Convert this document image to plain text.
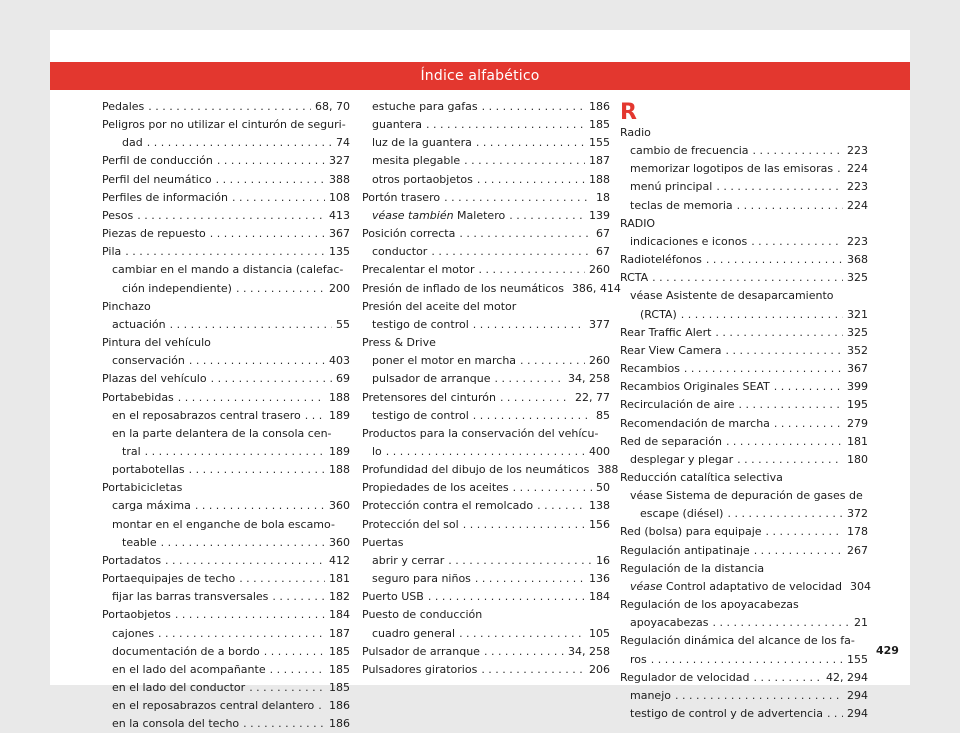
Índice alfabético
Pedales . . .	68, 70
Peligros por no utilizar el cinturón de seguri-
dad . . .	74
Perfil de conducción . . .	327
Perfil del neumático . . .	388
Perfiles de información . . .	108
Pesos . . .	413
Piezas de repuesto . . .	367
Pila . . .	135
cambiar en el mando a distancia (calefac-
ción independiente) . . .	200
Pinchazo
actuación . . .	55
Pintura del vehículo
conservación . . .	403
Plazas del vehículo . . .	69
Portabebidas . . .	188
en el reposabrazos central trasero . . .	189
en la parte delantera de la consola cen-
tral . . .	189
portabotellas . . .	188
Portabicicletas
carga máxima . . .	360
montar en el enganche de bola escamo-
teable . . .	360
Portadatos . . .	412
Portaequipajes de techo . . .	181
fijar las barras transversales . . .	182
Portaobjetos . . .	184
cajones . . .	187
documentación de a bordo . . .	185
en el lado del acompañante . . .	185
en el lado del conductor . . .	185
en el reposabrazos central delantero . . . 186
en la consola del techo . . .	186
estuche para gafas . . .	186
guantera . . .	185
luz de la guantera . . .	155
mesita plegable . . .	187
otros portaobjetos . . .	188
Portón trasero . . .	18
véase también Maletero . . .	139
Posición correcta . . .	67
conductor . . .	67
Precalentar el motor . . .	260
Presión de inflado de los neumáticos 386, 414
Presión del aceite del motor
testigo de control . . .	377
Press & Drive
poner el motor en marcha . . .	260
pulsador de arranque . . .	34, 258
Pretensores del cinturón . . .	22, 77
testigo de control . . .	85
Productos para la conservación del vehícu-
lo . . .	400
Profundidad del dibujo de los neumáticos 388
Propiedades de los aceites . . .	50
Protección contra el remolcado . . .	138
Protección del sol . . .	156
Puertas
abrir y cerrar . . .	16
seguro para niños . . .	136
Puerto USB . . .	184
Puesto de conducción
cuadro general . . .	105
Pulsador de arranque . . .	34, 258
Pulsadores giratorios . . .	206
R
Radio
cambio de frecuencia . . .	223
memorizar logotipos de las emisoras . . . 224
menú principal . . .	223
teclas de memoria . . .	224
RADIO
indicaciones e iconos . . .	223
Radioteléfonos . . .	368
RCTA . . .	325
véase Asistente de desaparcamiento
(RCTA) . . .	321
Rear Traffic Alert . . .	325
Rear View Camera . . .	352
Recambios . . .	367
Recambios Originales SEAT . . .	399
Recirculación de aire . . .	195
Recomendación de marcha . . .	279
Red de separación . . .	181
desplegar y plegar . . .	180
Reducción catalítica selectiva
véase Sistema de depuración de gases de
escape (diésel) . . .	372
Red (bolsa) para equipaje . . .	178
Regulación antipatinaje . . .	267
Regulación de la distancia
véase Control adaptativo de velocidad 304
Regulación de los apoyacabezas
apoyacabezas . . .	21
Regulación dinámica del alcance de los fa-
ros . . .	155
Regulador de velocidad . . .	42, 294
manejo . . .	294
testigo de control y de advertencia . . . 294
429
